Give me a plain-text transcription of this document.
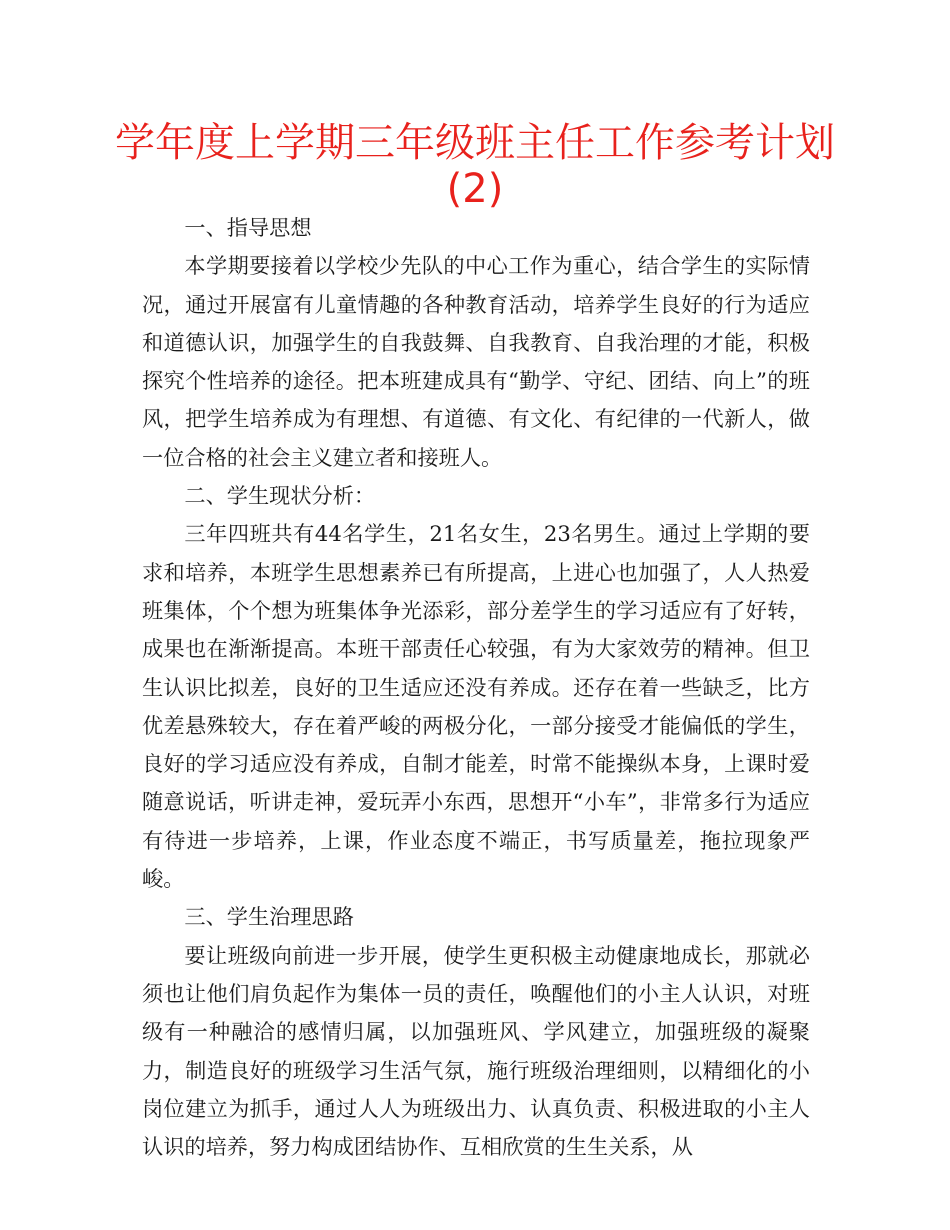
学年度上学期三年级班主任工作参考计划(2)

一、指导思想

本学期要接着以学校少先队的中心工作为重心，结合学生的实际情况，通过开展富有儿童情趣的各种教育活动，培养学生良好的行为适应和道德认识，加强学生的自我鼓舞、自我教育、自我治理的才能，积极探究个性培养的途径。把本班建成具有“勤学、守纪、团结、向上”的班风，把学生培养成为有理想、有道德、有文化、有纪律的一代新人，做一位合格的社会主义建立者和接班人。

二、学生现状分析：

三年四班共有44名学生，21名女生，23名男生。通过上学期的要求和培养，本班学生思想素养已有所提高，上进心也加强了，人人热爱班集体，个个想为班集体争光添彩，部分差学生的学习适应有了好转，成果也在渐渐提高。本班干部责任心较强，有为大家效劳的精神。但卫生认识比拟差，良好的卫生适应还没有养成。还存在着一些缺乏，比方优差悬殊较大，存在着严峻的两极分化，一部分接受才能偏低的学生，良好的学习适应没有养成，自制才能差，时常不能操纵本身，上课时爱随意说话，听讲走神，爱玩弄小东西，思想开“小车”，非常多行为适应有待进一步培养，上课，作业态度不端正，书写质量差，拖拉现象严峻。

三、学生治理思路

要让班级向前进一步开展，使学生更积极主动健康地成长，那就必须也让他们肩负起作为集体一员的责任，唤醒他们的小主人认识，对班级有一种融洽的感情归属，以加强班风、学风建立，加强班级的凝聚力，制造良好的班级学习生活气氛，施行班级治理细则，以精细化的小岗位建立为抓手，通过人人为班级出力、认真负责、积极进取的小主人认识的培养，努力构成团结协作、互相欣赏的生生关系，从
